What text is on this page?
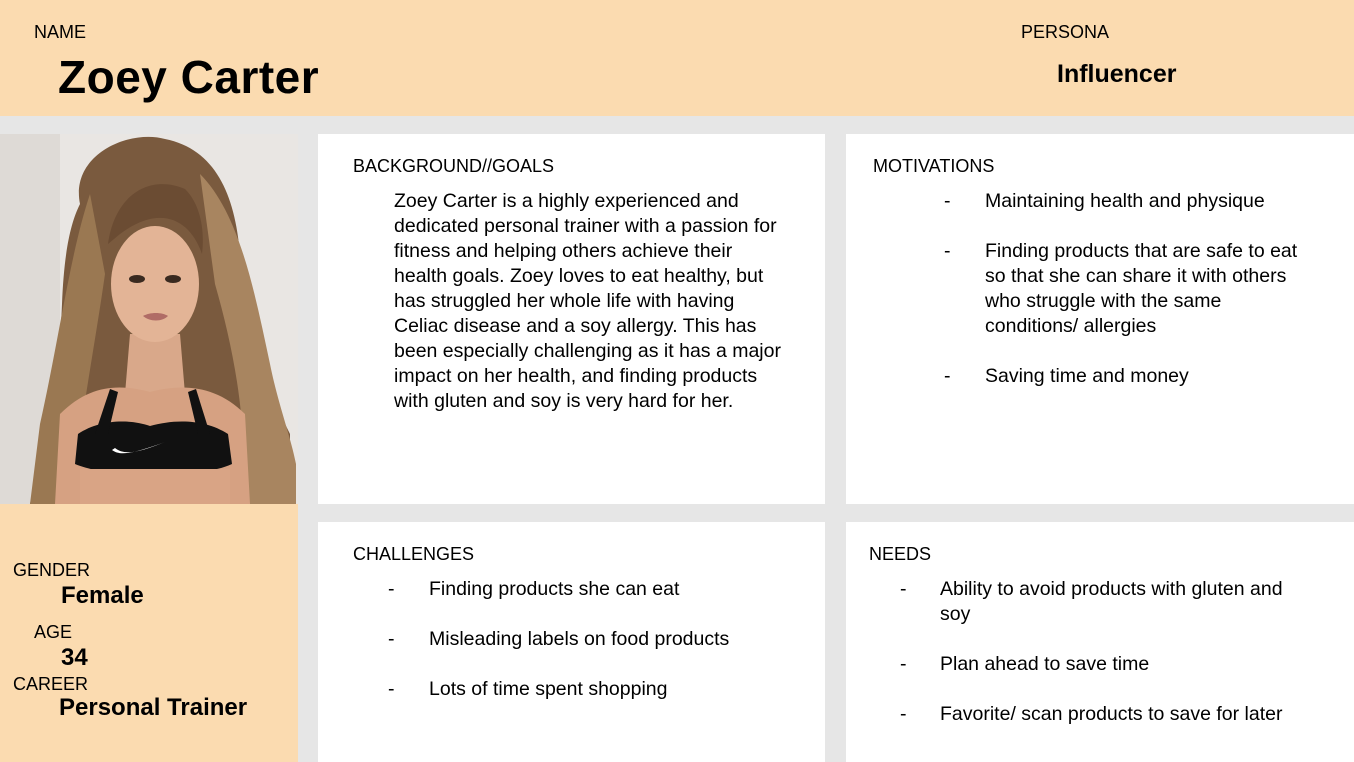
NAME
Zoey Carter
PERSONA
Influencer
GENDER
Female
AGE
34
CAREER
Personal Trainer
BACKGROUND//GOALS

Zoey Carter is a highly experienced and dedicated personal trainer with a passion for fitness and helping others achieve their health goals. Zoey loves to eat healthy, but has struggled her whole life with having Celiac disease and a soy allergy. This has been especially challenging as it has a major impact on her health, and finding products with gluten and soy is very hard for her.

MOTIVATIONS
- Maintaining health and physique
- Finding products that are safe to eat so that she can share it with others who struggle with the same conditions/ allergies
- Saving time and money
CHALLENGES
- Finding products she can eat
- Misleading labels on food products
- Lots of time spent shopping
NEEDS
- Ability to avoid products with gluten and soy
- Plan ahead to save time
- Favorite/ scan products to save for later
